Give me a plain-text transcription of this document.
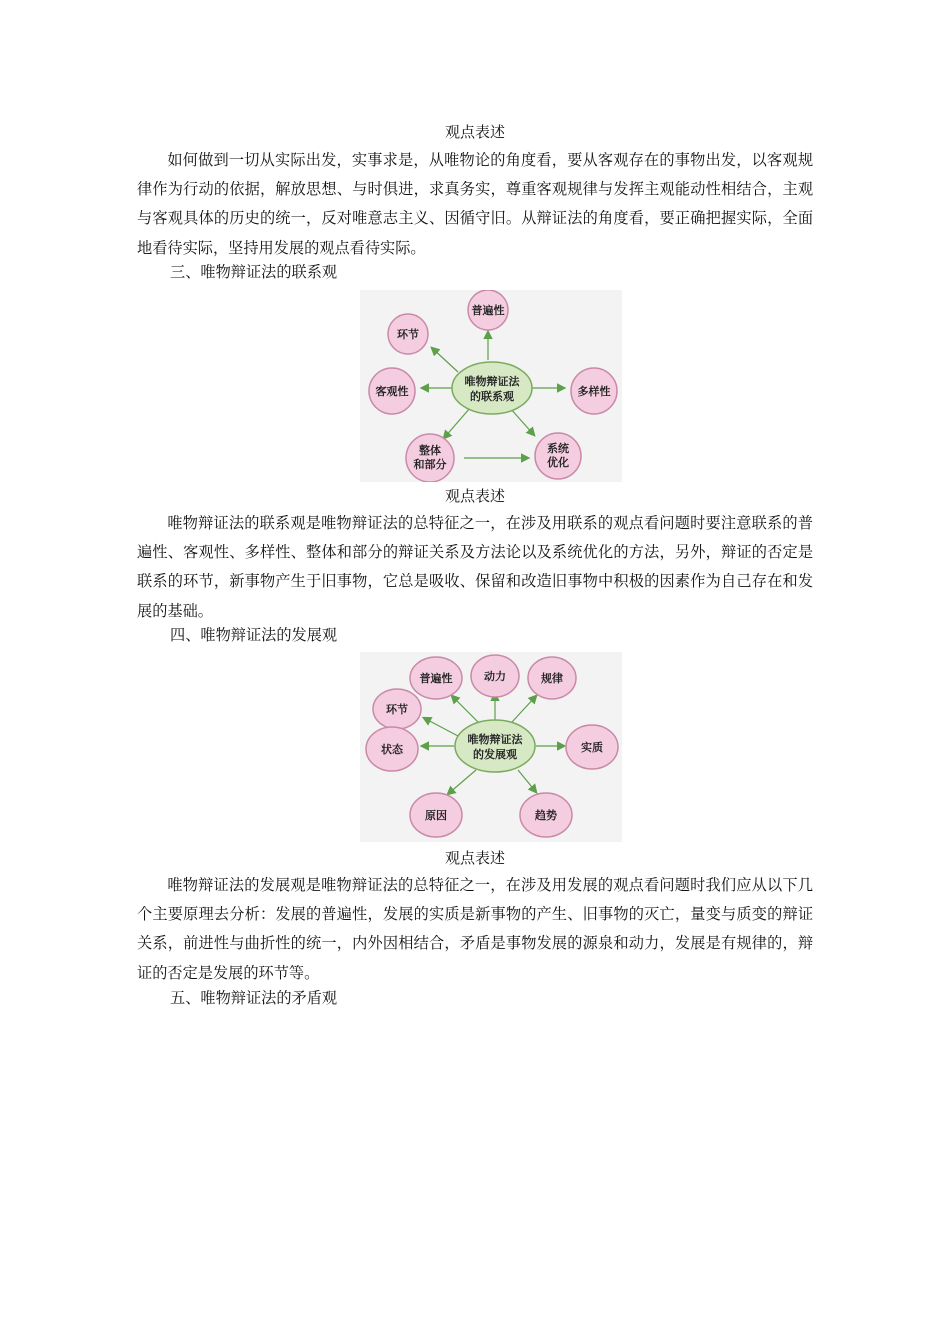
观点表述

如何做到一切从实际出发，实事求是，从唯物论的角度看，要从客观存在的事物出发，以客观规律作为行动的依据，解放思想、与时俱进，求真务实，尊重客观规律与发挥主观能动性相结合，主观与客观具体的历史的统一，反对唯意志主义、因循守旧。从辩证法的角度看，要正确把握实际，全面地看待实际，坚持用发展的观点看待实际。

三、唯物辩证法的联系观
唯物辩证法
的联系观
普遍性
环节
客观性	多样性
整体
和部分
系统
优化
观点表述

唯物辩证法的联系观是唯物辩证法的总特征之一，在涉及用联系的观点看问题时要注意联系的普遍性、客观性、多样性、整体和部分的辩证关系及方法论以及系统优化的方法，另外，辩证的否定是联系的环节，新事物产生于旧事物，它总是吸收、保留和改造旧事物中积极的因素作为自己存在和发展的基础。

四、唯物辩证法的发展观
唯物辩证法
的发展观
普遍性	动力	规律
环节
状态	实质
原因	趋势
观点表述

唯物辩证法的发展观是唯物辩证法的总特征之一，在涉及用发展的观点看问题时我们应从以下几个主要原理去分析：发展的普遍性，发展的实质是新事物的产生、旧事物的灭亡，量变与质变的辩证关系，前进性与曲折性的统一，内外因相结合，矛盾是事物发展的源泉和动力，发展是有规律的，辩证的否定是发展的环节等。

五、唯物辩证法的矛盾观
